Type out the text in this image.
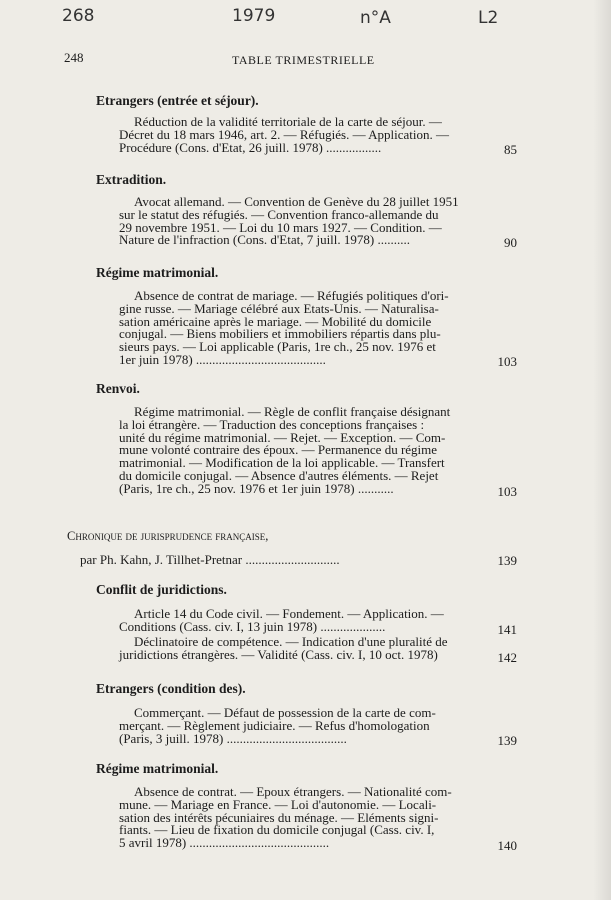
268	1979	n°A	L2
248	TABLE TRIMESTRIELLE
Etrangers (entrée et séjour).
Réduction de la validité territoriale de la carte de séjour. —
Décret du 18 mars 1946, art. 2. — Réfugiés. — Application. —
Procédure (Cons. d'Etat, 26 juill. 1978) .................	85
Extradition.
Avocat allemand. — Convention de Genève du 28 juillet 1951
sur le statut des réfugiés. — Convention franco-allemande du
29 novembre 1951. — Loi du 10 mars 1927. — Condition. —
Nature de l'infraction (Cons. d'Etat, 7 juill. 1978) ..........	90
Régime matrimonial.
Absence de contrat de mariage. — Réfugiés politiques d'ori-
gine russe. — Mariage célébré aux Etats-Unis. — Naturalisa-
sation américaine après le mariage. — Mobilité du domicile
conjugal. — Biens mobiliers et immobiliers répartis dans plu-
sieurs pays. — Loi applicable (Paris, 1re ch., 25 nov. 1976 et
1er juin 1978) ........................................	103
Renvoi.
Régime matrimonial. — Règle de conflit française désignant
la loi étrangère. — Traduction des conceptions françaises :
unité du régime matrimonial. — Rejet. — Exception. — Com-
mune volonté contraire des époux. — Permanence du régime
matrimonial. — Modification de la loi applicable. — Transfert
du domicile conjugal. — Absence d'autres éléments. — Rejet
(Paris, 1re ch., 25 nov. 1976 et 1er juin 1978) ...........	103
Chronique de jurisprudence française,
par Ph. Kahn, J. Tillhet-Pretnar .............................	139
Conflit de juridictions.
Article 14 du Code civil. — Fondement. — Application. —
Conditions (Cass. civ. I, 13 juin 1978) ....................	141
Déclinatoire de compétence. — Indication d'une pluralité de
juridictions étrangères. — Validité (Cass. civ. I, 10 oct. 1978)	142
Etrangers (condition des).
Commerçant. — Défaut de possession de la carte de com-
merçant. — Règlement judiciaire. — Refus d'homologation
(Paris, 3 juill. 1978) .....................................	139
Régime matrimonial.
Absence de contrat. — Epoux étrangers. — Nationalité com-
mune. — Mariage en France. — Loi d'autonomie. — Locali-
sation des intérêts pécuniaires du ménage. — Eléments signi-
fiants. — Lieu de fixation du domicile conjugal (Cass. civ. I,
5 avril 1978) ...........................................	140
